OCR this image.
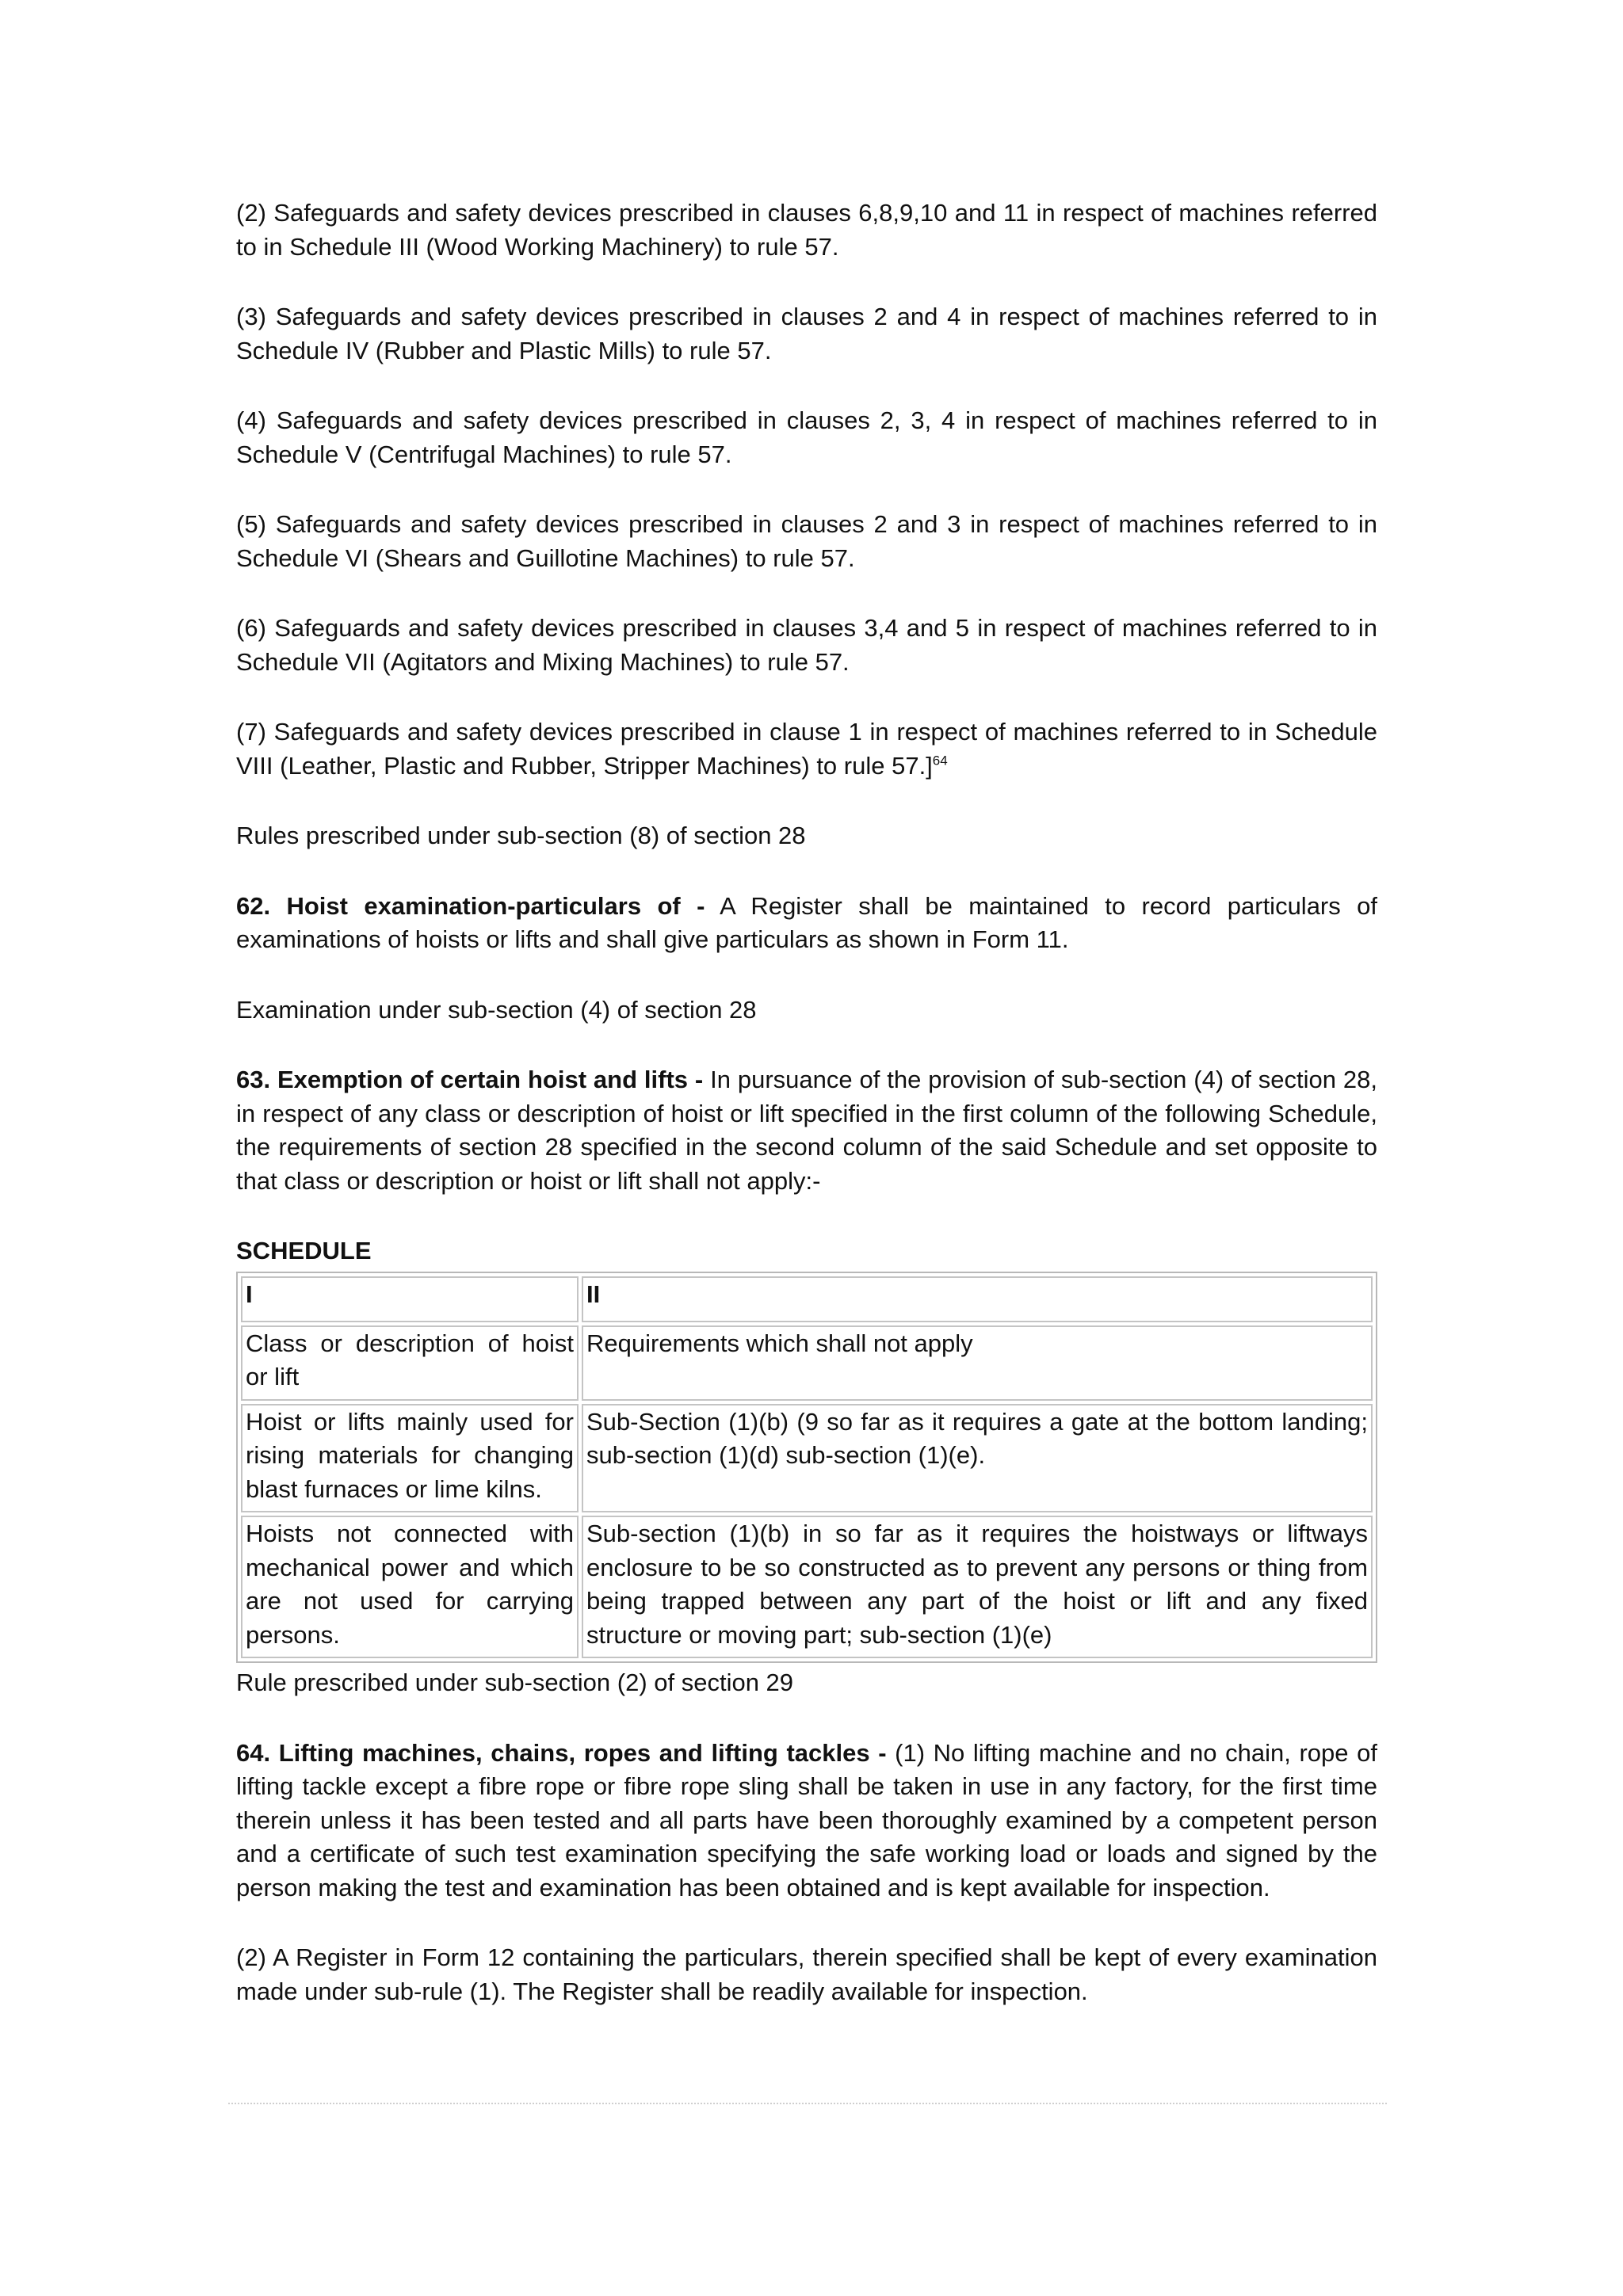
(2) Safeguards and safety devices prescribed in clauses 6,8,9,10 and 11 in respect of machines referred to in Schedule III (Wood Working Machinery) to rule 57.

(3) Safeguards and safety devices prescribed in clauses 2 and 4 in respect of machines referred to in Schedule IV (Rubber and Plastic Mills) to rule 57.

(4) Safeguards and safety devices prescribed in clauses 2, 3, 4 in respect of machines referred to in Schedule V (Centrifugal Machines) to rule 57.

(5) Safeguards and safety devices prescribed in clauses 2 and 3 in respect of machines referred to in Schedule VI (Shears and Guillotine Machines) to rule 57.

(6) Safeguards and safety devices prescribed in clauses 3,4 and 5 in respect of machines referred to in Schedule VII (Agitators and Mixing Machines) to rule 57.

(7) Safeguards and safety devices prescribed in clause 1 in respect of machines referred to in Schedule VIII (Leather, Plastic and Rubber, Stripper Machines) to rule 57.]$^{64}$

Rules prescribed under sub-section (8) of section 28

62. Hoist examination-particulars of - A Register shall be maintained to record particulars of examinations of hoists or lifts and shall give particulars as shown in Form 11.

Examination under sub-section (4) of section 28

63. Exemption of certain hoist and lifts - In pursuance of the provision of sub-section (4) of section 28, in respect of any class or description of hoist or lift specified in the first column of the following Schedule, the requirements of section 28 specified in the second column of the said Schedule and set opposite to that class or description or hoist or lift shall not apply:-

SCHEDULE
I	II
Class or description of hoist or lift	Requirements which shall not apply
Hoist or lifts mainly used for rising materials for changing blast furnaces or lime kilns.	Sub-Section (1)(b) (9 so far as it requires a gate at the bottom landing; sub-section (1)(d) sub-section (1)(e).
Hoists not connected with mechanical power and which are not used for carrying persons.	Sub-section (1)(b) in so far as it requires the hoistways or liftways enclosure to be so constructed as to prevent any persons or thing from being trapped between any part of the hoist or lift and any fixed structure or moving part; sub-section (1)(e)

Rule prescribed under sub-section (2) of section 29

64. Lifting machines, chains, ropes and lifting tackles - (1) No lifting machine and no chain, rope of lifting tackle except a fibre rope or fibre rope sling shall be taken in use in any factory, for the first time therein unless it has been tested and all parts have been thoroughly examined by a competent person and a certificate of such test examination specifying the safe working load or loads and signed by the person making the test and examination has been obtained and is kept available for inspection.

(2) A Register in Form 12 containing the particulars, therein specified shall be kept of every examination made under sub-rule (1). The Register shall be readily available for inspection.
